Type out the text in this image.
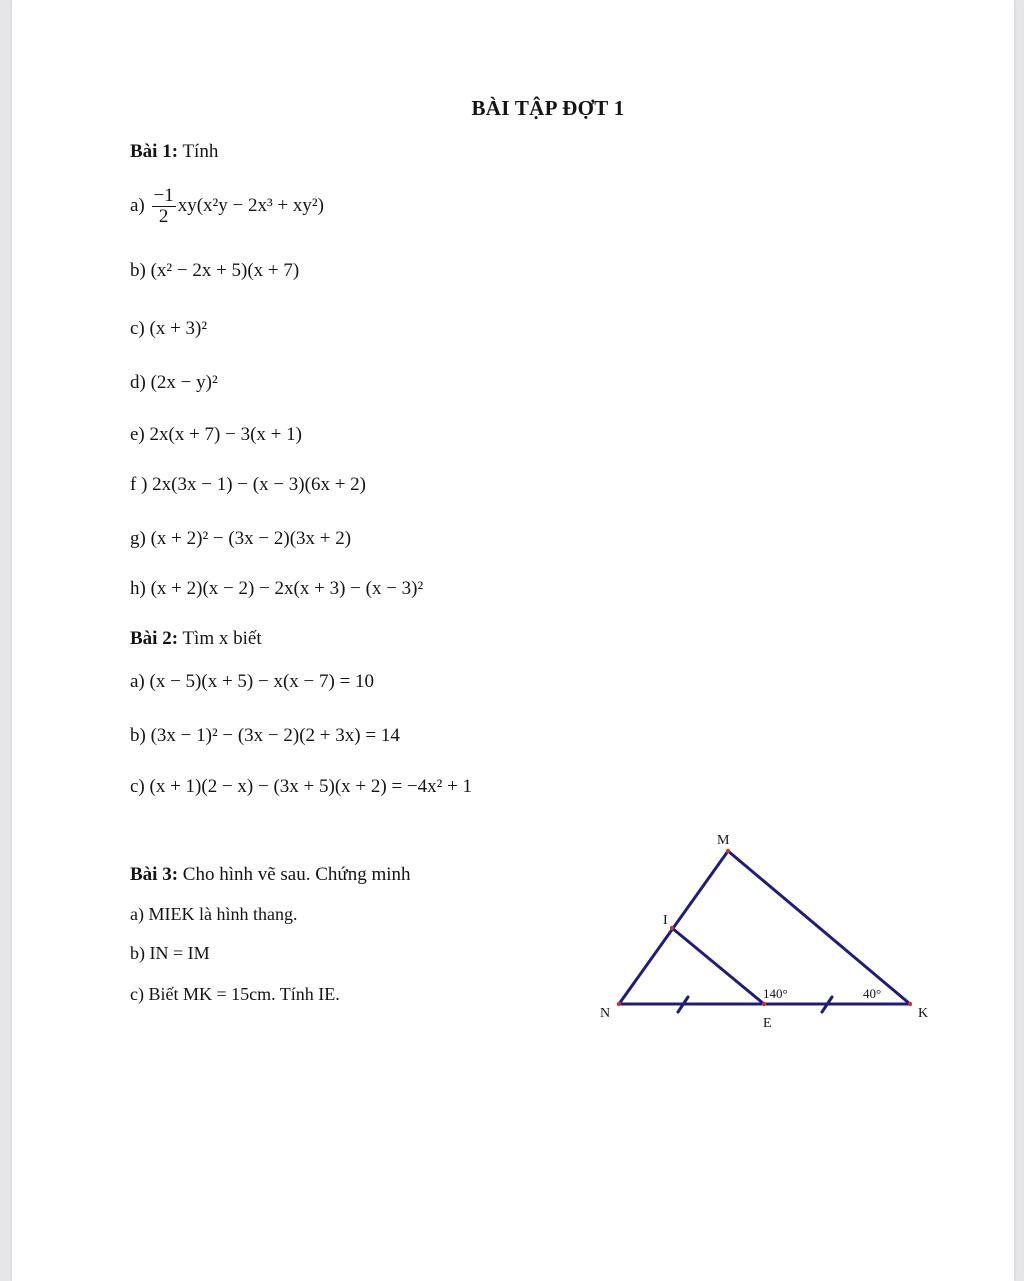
BÀI TẬP ĐỢT 1
Bài 1: Tính
$a) \frac{-1}{2} xy(x^2y - 2x^3 + xy^2)$
b) (x² − 2x + 5)(x + 7)
c) (x + 3)²
d) (2x − y)²
e) 2x(x + 7) − 3(x + 1)
f ) 2x(3x − 1) − (x − 3)(6x + 2)
g) (x + 2)² − (3x − 2)(3x + 2)
h) (x + 2)(x − 2) − 2x(x + 3) − (x − 3)²
Bài 2: Tìm x biết
a) (x − 5)(x + 5) − x(x − 7) = 10
b) (3x − 1)² − (3x − 2)(2 + 3x) = 14
c) (x + 1)(2 − x) − (3x + 5)(x + 2) = −4x² + 1
Bài 3: Cho hình vẽ sau. Chứng minh
a) MIEK là hình thang.
b) IN = IM
c) Biết MK = 15cm. Tính IE.
M
I
N
E
K
140°	40°
